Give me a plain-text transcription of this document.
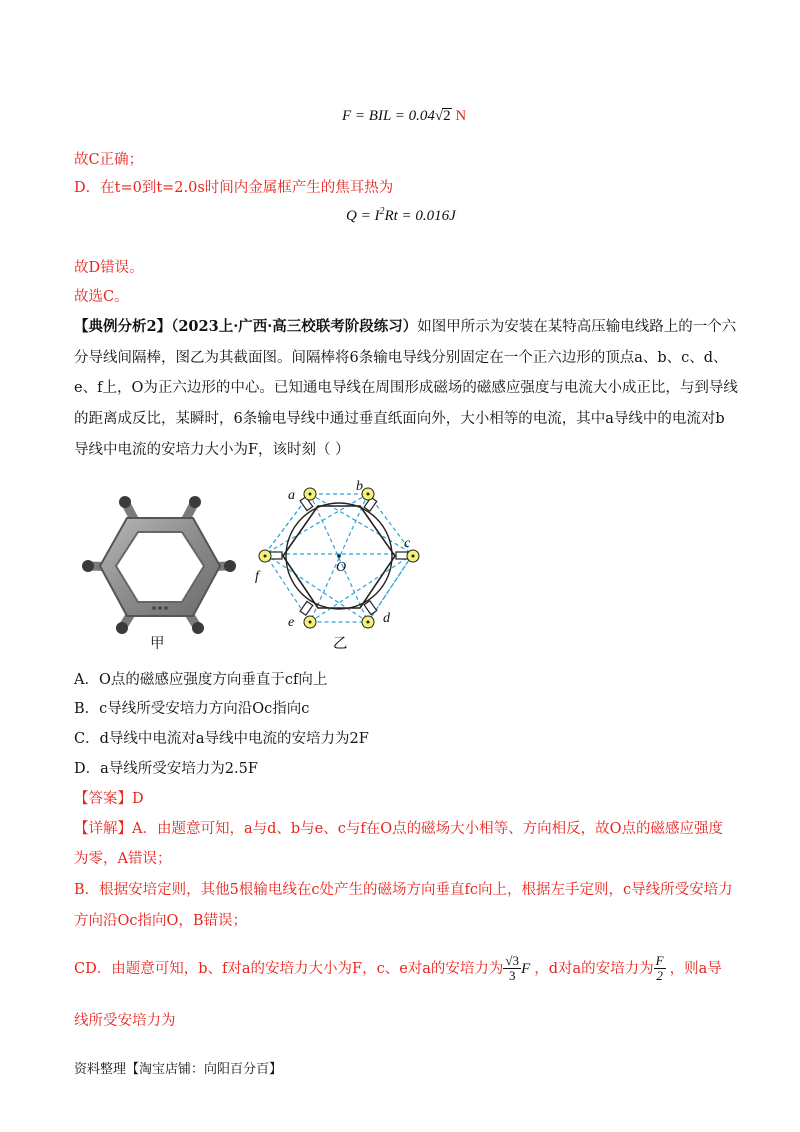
F = BIL = 0.04√2 N
故C正确；
D．在t=0到t=2.0s时间内金属框产生的焦耳热为
$Q = I^2Rt = 0.016J$
故D错误。
故选C。
【典例分析2】（2023上·广西·高三校联考阶段练习）如图甲所示为安装在某特高压输电线路上的一个六
分导线间隔棒，图乙为其截面图。间隔棒将6条输电导线分别固定在一个正六边形的顶点a、b、c、d、
e、f上，O为正六边形的中心。已知通电导线在周围形成磁场的磁感应强度与电流大小成正比，与到导线
的距离成反比，某瞬时，6条输电导线中通过垂直纸面向外，大小相等的电流，其中a导线中的电流对b
导线中电流的安培力大小为F，该时刻（ ）
甲
a
b
c
d
e
f
O
乙
A．O点的磁感应强度方向垂直于cf向上
B．c导线所受安培力方向沿Oc指向c
C．d导线中电流对a导线中电流的安培力为2F
D．a导线所受安培力为2.5F
【答案】D
【详解】A．由题意可知，a与d、b与e、c与f在O点的磁场大小相等、方向相反，故O点的磁感应强度
为零，A错误；
B．根据安培定则，其他5根输电线在c处产生的磁场方向垂直fc向上，根据左手定则，c导线所受安培力
方向沿Oc指向O，B错误；
CD．由题意可知，b、f对a的安培力大小为F，c、e对a的安培力为 $\frac{√3}{3}$ F ，d对a的安培力为 $\frac{F}{2}$ ，则a导
线所受安培力为
资料整理【淘宝店铺：向阳百分百】
